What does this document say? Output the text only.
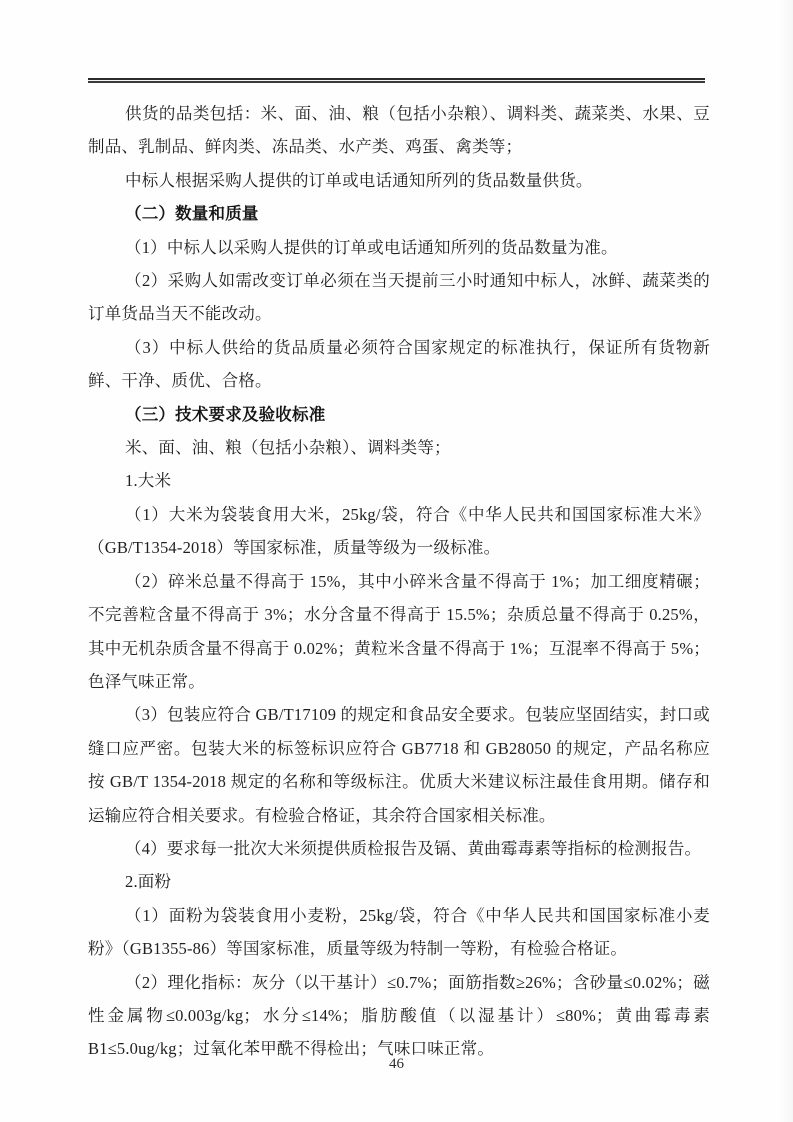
供货的品类包括：米、面、油、粮（包括小杂粮）、调料类、蔬菜类、水果、豆制品、乳制品、鲜肉类、冻品类、水产类、鸡蛋、禽类等；

中标人根据采购人提供的订单或电话通知所列的货品数量供货。

（二）数量和质量

（1）中标人以采购人提供的订单或电话通知所列的货品数量为准。

（2）采购人如需改变订单必须在当天提前三小时通知中标人，冰鲜、蔬菜类的订单货品当天不能改动。

（3）中标人供给的货品质量必须符合国家规定的标准执行，保证所有货物新鲜、干净、质优、合格。

（三）技术要求及验收标准

米、面、油、粮（包括小杂粮）、调料类等；

1.大米

（1）大米为袋装食用大米，25kg/袋，符合《中华人民共和国国家标准大米》（GB/T1354-2018）等国家标准，质量等级为一级标准。

（2）碎米总量不得高于 15%，其中小碎米含量不得高于 1%；加工细度精碾；不完善粒含量不得高于 3%；水分含量不得高于 15.5%；杂质总量不得高于 0.25%，其中无机杂质含量不得高于 0.02%；黄粒米含量不得高于 1%；互混率不得高于 5%；色泽气味正常。

（3）包装应符合 GB/T17109 的规定和食品安全要求。包装应坚固结实，封口或缝口应严密。包装大米的标签标识应符合 GB7718 和 GB28050 的规定，产品名称应按 GB/T 1354-2018 规定的名称和等级标注。优质大米建议标注最佳食用期。储存和运输应符合相关要求。有检验合格证，其余符合国家相关标准。

（4）要求每一批次大米须提供质检报告及镉、黄曲霉毒素等指标的检测报告。

2.面粉

（1）面粉为袋装食用小麦粉，25kg/袋，符合《中华人民共和国国家标准小麦粉》（GB1355-86）等国家标准，质量等级为特制一等粉，有检验合格证。

（2）理化指标：灰分（以干基计）≤0.7%；面筋指数≥26%；含砂量≤0.02%；磁性金属物≤0.003g/kg；水分≤14%；脂肪酸值（以湿基计）≤80%；黄曲霉毒素 B1≤5.0ug/kg；过氧化苯甲酰不得检出；气味口味正常。

46
